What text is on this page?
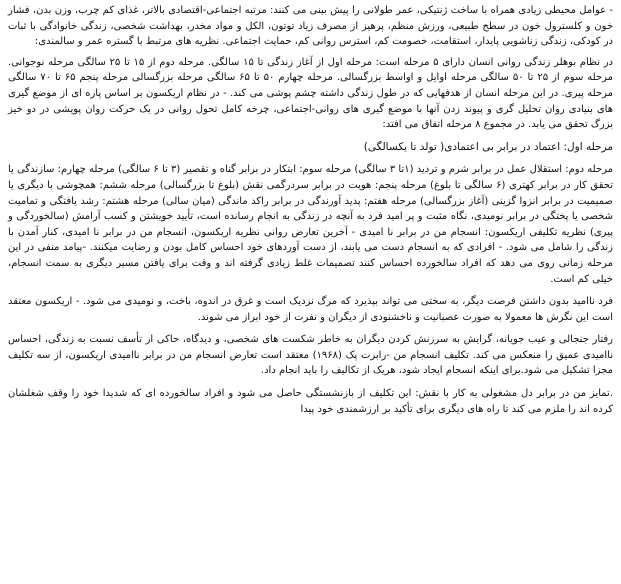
- عوامل محیطی زیادی همراه با ساخت ژنتیکی، عمر طولانی را پیش بینی می کنند: مرتبه اجتماعی-اقتصادی بالاتر، غذای کم چرب، وزن بدن، فشار خون و کلسترول خون در سطح طبیعی، ورزش منظم، پرهیز از مصرف زیاد توتون، الکل و مواد مخدر، بهداشت شخصی، زندگی خانوادگی با ثبات در کودکی، زندگی زناشویی پایدار، استقامت، خصومت کم، استرس روانی کم، حمایت اجتماعی. نظریه های مرتبط با گستره عمر و سالمندی:

در نظام بوهلر زندگی روانی انسان دارای ۵ مرحله است: مرحله اول از آغاز زندگی تا ۱۵ سالگی. مرحله دوم از ۱۵ تا ۲۵ سالگی مرحله نوجوانی. مرحله سوم از ۲۵ تا ۵۰ سالگی مرحله اوایل و اواسط بزرگسالی. مرحله چهارم ۵۰ تا ۶۵ سالگی مرحله بزرگسالی مرحله پنجم ۶۵ تا ۷۰ سالگی مرحله پیری. در این مرحله انسان از هدفهایی که در طول زندگی داشته چشم پوشی می کند. - در نظام اریکسون بر اساس پاره ای از موضع گیری های بنیادی روان تحلیل گری و پیوند زدن آنها با موضع گیری های روانی-اجتماعی، چرخه کامل تحول روانی در یک حرکت روان پویشی در دو خیز بزرگ تحقق می یابد. در مجموع ۸ مرحله اتفاق می افتد:

مرحله اول: اعتماد در برابر بی اعتمادی( تولد تا یکسالگی)

مرحله دوم: استقلال عمل در برابر شرم و تردید (۱تا ۳ سالگی) مرحله سوم: ابتکار در برابر گناه و تقصیر (۳ تا ۶ سالگی) مرحله چهارم: سازندگی یا تحقق کار در برابر کهتری (۶ سالگی تا بلوغ) مرحله پنجم: هویت در برابر سردرگمی نقش (بلوغ تا بزرگسالی) مرحله ششم: همچوشی با دیگری یا صمیمیت در برابر انزوا گزینی (آغاز بزرگسالی) مرحله هفتم: پدید آورندگی در برابر راکد ماندگی (میان سالی) مرحله هشتم: رشد یافتگی و تمامیت شخصی یا پختگی در برابر نومیدی، نگاه مثبت و پر امید فرد به آنچه در زندگی به انجام رسانده است، تأیید خویشتن و کسب آرامش (سالخوردگی و پیری) نظریه تکلیفی اریکسون: انسجام من در برابر نا امیدی - آخرین تعارض روانی نظریه اریکسون، انسجام من در برابر نا امیدی، کنار آمدن با زندگی را شامل می شود. - افرادی که به انسجام دست می یابند، از دست آوردهای خود احساس کامل بودن و رضایت میکنند. -پیامد منفی در این مرحله زمانی روی می دهد که افراد سالخورده احساس کنند تصمیمات غلط زیادی گرفته اند و وقت برای یافتن مسیر دیگری به سمت انسجام، خیلی کم است.

فرد ناامید بدون داشتن فرصت دیگر، به سختی می تواند بپذیرد که مرگ نزدیک است و غرق در اندوه، باخت، و نومیدی می شود. - اریکسون معتقد است این نگرش ها معمولا به صورت عصبانیت و ناخشنودی از دیگران و نفرت از خود ابراز می شوند.

رفتار جنجالی و عیب جویانه، گرایش به سرزنش کردن دیگران به خاطر شکست های شخصی، و دیدگاه، حاکی از تأسف نسبت به زندگی، احساس ناامیدی عمیق را منعکس می کند. تکلیف انسجام من -رابرت پک (۱۹۶۸) معتقد است تعارض انسجام من در برابر ناامیدی اریکسون، از سه تکلیف مجزا تشکیل می شود.برای اینکه انسجام ایجاد شود، هریک از تکالیف را باید انجام داد.

.تمایز من در برابر دل مشغولی به کار با نقش: این تکلیف از بازنشستگی حاصل می شود و افراد سالخورده ای که شدیدا خود را وقف شغلشان کرده اند را ملزم می کند تا راه های دیگری برای تأکید بر ارزشمندی خود پیدا
